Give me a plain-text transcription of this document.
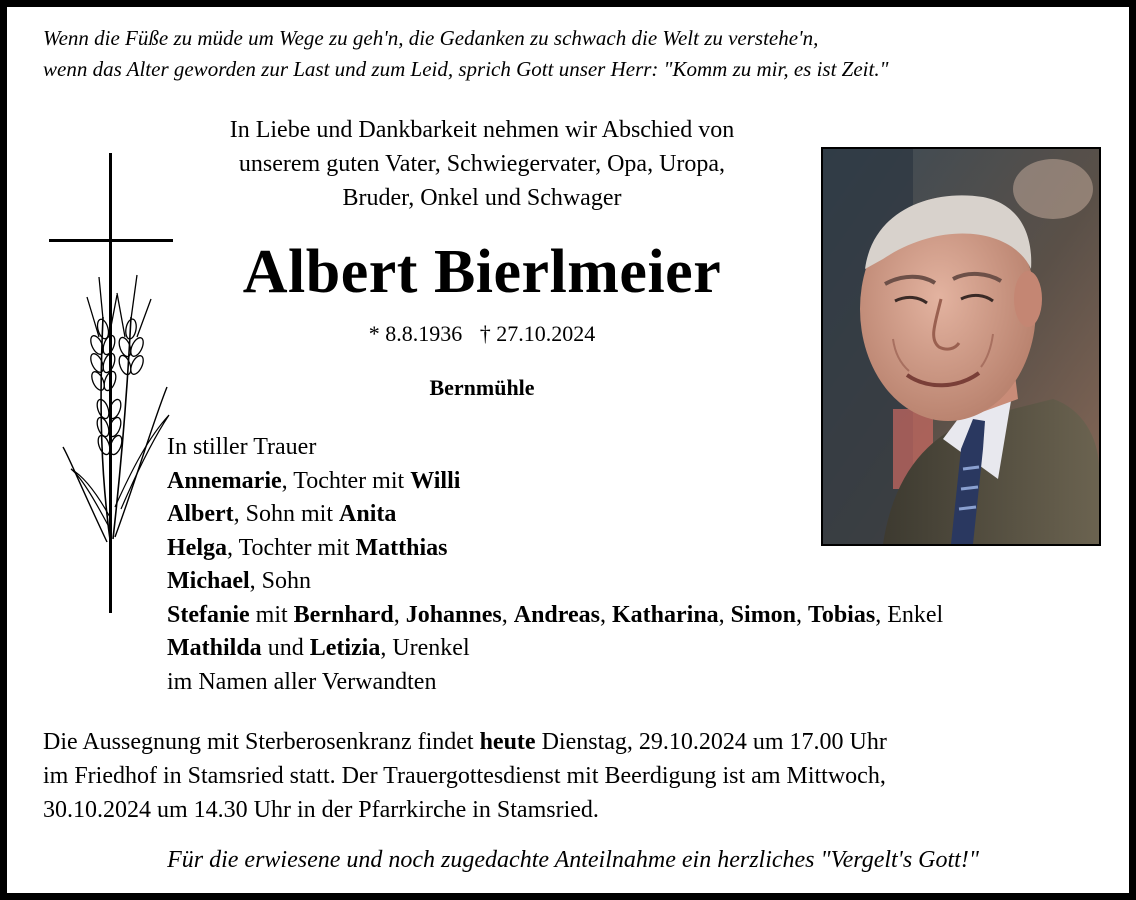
Wenn die Füße zu müde um Wege zu geh'n, die Gedanken zu schwach die Welt zu verstehe'n,
wenn das Alter geworden zur Last und zum Leid, sprich Gott unser Herr: "Komm zu mir, es ist Zeit."
In Liebe und Dankbarkeit nehmen wir Abschied von
unserem guten Vater, Schwiegervater, Opa, Uropa,
Bruder, Onkel und Schwager
Albert Bierlmeier
* 8.8.1936 † 27.10.2024
Bernmühle
In stiller Trauer
Annemarie, Tochter mit Willi
Albert, Sohn mit Anita
Helga, Tochter mit Matthias
Michael, Sohn
Stefanie mit Bernhard, Johannes, Andreas, Katharina, Simon, Tobias, Enkel
Mathilda und Letizia, Urenkel
im Namen aller Verwandten
Die Aussegnung mit Sterberosenkranz findet heute Dienstag, 29.10.2024 um 17.00 Uhr
im Friedhof in Stamsried statt. Der Trauergottesdienst mit Beerdigung ist am Mittwoch,
30.10.2024 um 14.30 Uhr in der Pfarrkirche in Stamsried.
Für die erwiesene und noch zugedachte Anteilnahme ein herzliches "Vergelt's Gott!"
